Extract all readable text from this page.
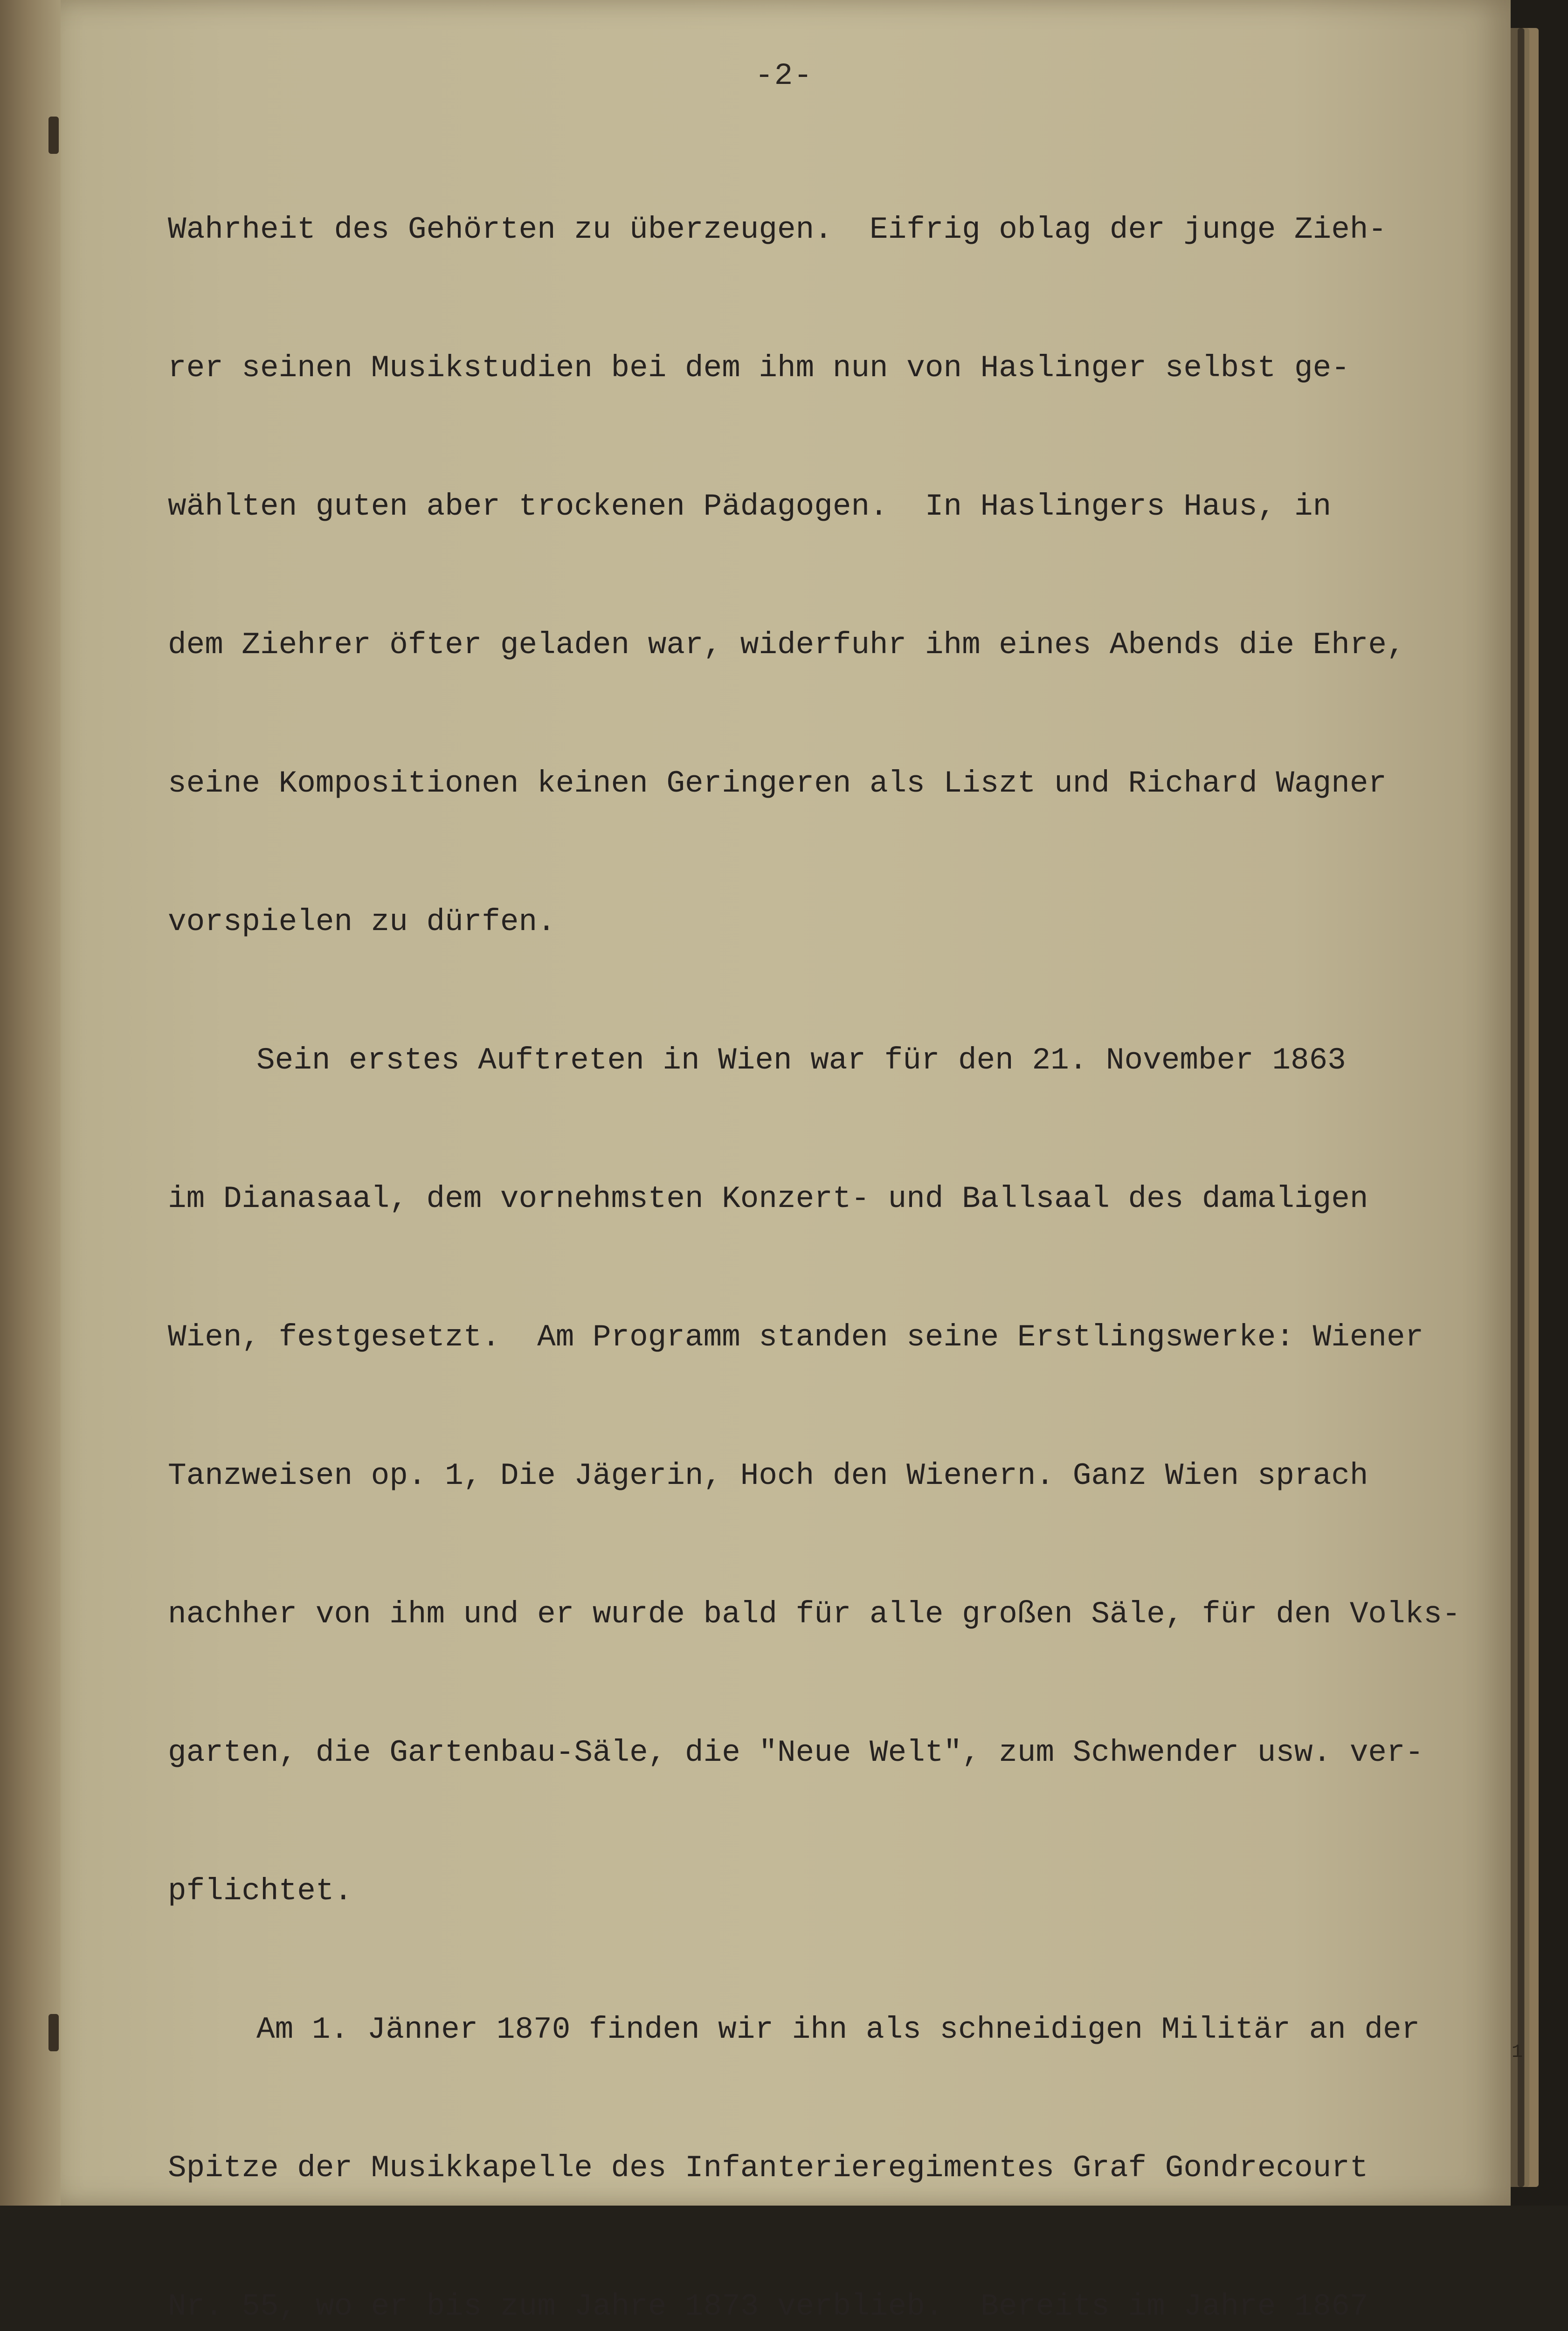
-2-

Wahrheit des Gehörten zu überzeugen.  Eifrig oblag der junge Zieh-

rer seinen Musikstudien bei dem ihm nun von Haslinger selbst ge-

wählten guten aber trockenen Pädagogen.  In Haslingers Haus, in

dem Ziehrer öfter geladen war, widerfuhr ihm eines Abends die Ehre,

seine Kompositionen keinen Geringeren als Liszt und Richard Wagner

vorspielen zu dürfen.

Sein erstes Auftreten in Wien war für den 21. November 1863

im Dianasaal, dem vornehmsten Konzert- und Ballsaal des damaligen

Wien, festgesetzt.  Am Programm standen seine Erstlingswerke: Wiener

Tanzweisen op. 1, Die Jägerin, Hoch den Wienern. Ganz Wien sprach

nachher von ihm und er wurde bald für alle großen Säle, für den Volks-

garten, die Gartenbau-Säle, die "Neue Welt", zum Schwender usw. ver-

pflichtet.

Am 1. Jänner 1870 finden wir ihn als schneidigen Militär an der

Spitze der Musikkapelle des Infanterieregimentes Graf Gondrecourt

Nr. 55, wo er bis zum Jahre 1873 verblieb.  Bereits im Jahre 1867

1
